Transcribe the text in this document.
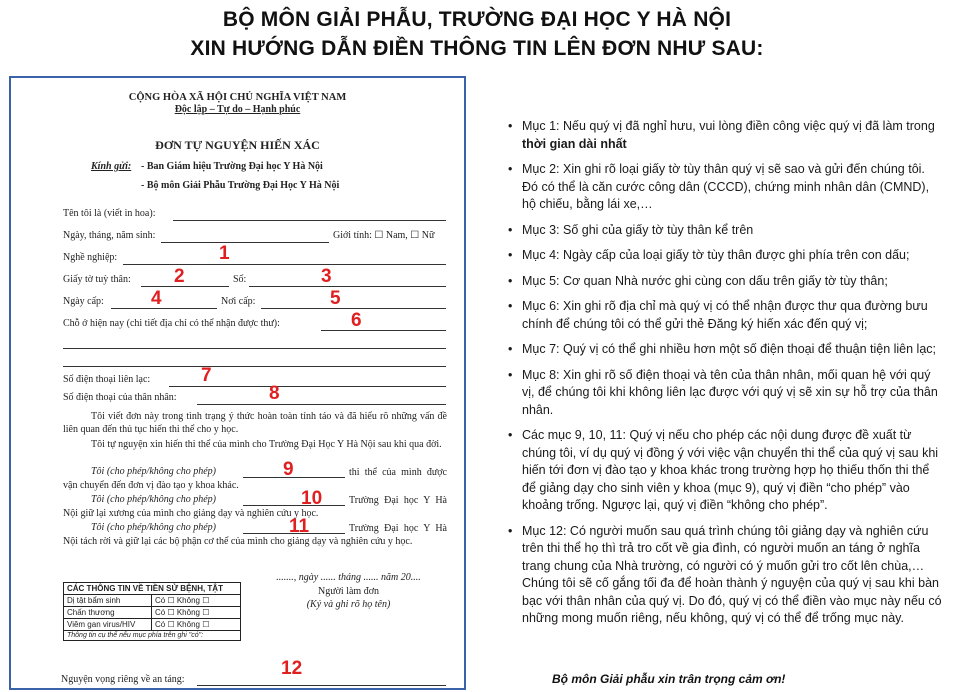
BỘ MÔN GIẢI PHẪU, TRƯỜNG ĐẠI HỌC Y HÀ NỘI
XIN HƯỚNG DẪN ĐIỀN THÔNG TIN LÊN ĐƠN NHƯ SAU:
CỘNG HÒA XÃ HỘI CHỦ NGHĨA VIỆT NAM
Độc lập – Tự do – Hạnh phúc
ĐƠN TỰ NGUYỆN HIẾN XÁC
Kính gửi: - Ban Giám hiệu Trường Đại học Y Hà Nội
- Bộ môn Giải Phẫu Trường Đại Học Y Hà Nội
Tên tôi là (viết in hoa):
Ngày, tháng, năm sinh:	Giới tính: ☐ Nam, ☐ Nữ
Nghề nghiệp:
Giấy tờ tuỳ thân:	Số:
Ngày cấp:	Nơi cấp:
Chỗ ở hiện nay (chi tiết địa chỉ có thể nhận được thư):
Số điện thoại liên lạc:
Số điện thoại của thân nhân:
Tôi viết đơn này trong tình trạng ý thức hoàn toàn tỉnh táo và đã hiểu rõ những vấn đề liên quan đến thủ tục hiến thi thể cho y học.
Tôi tự nguyện xin hiến thi thể của mình cho Trường Đại Học Y Hà Nội sau khi qua đời.
Tôi (cho phép/không cho phép)	thi thể của mình được vận chuyển đến đơn vị đào tạo y khoa khác.
Tôi (cho phép/không cho phép)	Trường Đại học Y Hà Nội giữ lại xương của mình cho giảng dạy và nghiên cứu y học.
Tôi (cho phép/không cho phép)	Trường Đại học Y Hà Nội tách rời và giữ lại các bộ phận cơ thể của mình cho giảng dạy và nghiên cứu y học.
......., ngày ...... tháng ...... năm 20....
Người làm đơn
(Ký và ghi rõ họ tên)
CÁC THÔNG TIN VỀ TIỀN SỬ BỆNH, TẬT
Dị tật bẩm sinh	Có ☐ Không ☐
Chấn thương	Có ☐ Không ☐
Viêm gan virus/HIV	Có ☐ Không ☐
Thông tin cụ thể nếu mục phía trên ghi "có":
Nguyện vọng riêng về an táng:
1
2	3
4	5
6
7
8
9
10
11
12
• Mục 1: Nếu quý vị đã nghỉ hưu, vui lòng điền công việc quý vị đã làm trong thời gian dài nhất
• Mục 2: Xin ghi rõ loại giấy tờ tùy thân quý vị sẽ sao và gửi đến chúng tôi. Đó có thể là căn cước công dân (CCCD), chứng minh nhân dân (CMND), hộ chiếu, bằng lái xe,…
• Mục 3: Số ghi của giấy tờ tùy thân kể trên
• Mục 4: Ngày cấp của loại giấy tờ tùy thân được ghi phía trên con dấu;
• Mục 5: Cơ quan Nhà nước ghi cùng con dấu trên giấy tờ tùy thân;
• Mục 6: Xin ghi rõ địa chỉ mà quý vị có thể nhận được thư qua đường bưu chính để chúng tôi có thể gửi thẻ Đăng ký hiến xác đến quý vị;
• Mục 7: Quý vị có thể ghi nhiều hơn một số điện thoại để thuận tiện liên lạc;
• Mục 8: Xin ghi rõ số điện thoại và tên của thân nhân, mối quan hệ với quý vị, để chúng tôi khi không liên lạc được với quý vị sẽ xin sự hỗ trợ của thân nhân.
• Các mục 9, 10, 11: Quý vị nếu cho phép các nội dung được đề xuất từ chúng tôi, ví dụ quý vị đồng ý với việc vận chuyển thi thể của quý vị sau khi hiến tới đơn vị đào tạo y khoa khác trong trường hợp họ thiếu thốn thi thể để giảng dạy cho sinh viên y khoa (mục 9), quý vị điền “cho phép” vào khoảng trống. Ngược lại, quý vị điền “không cho phép”.
• Mục 12: Có người muốn sau quá trình chúng tôi giảng dạy và nghiên cứu trên thi thể họ thì trả tro cốt về gia đình, có người muốn an táng ở nghĩa trang chung của Nhà trường, có người có ý muốn gửi tro cốt lên chùa,… Chúng tôi sẽ cố gắng tối đa để hoàn thành ý nguyện của quý vị sau khi bàn bạc với thân nhân của quý vị. Do đó, quý vị có thể điền vào mục này nếu có những mong muốn riêng, nếu không, quý vị có thể để trống mục này.
Bộ môn Giải phẫu xin trân trọng cảm ơn!
